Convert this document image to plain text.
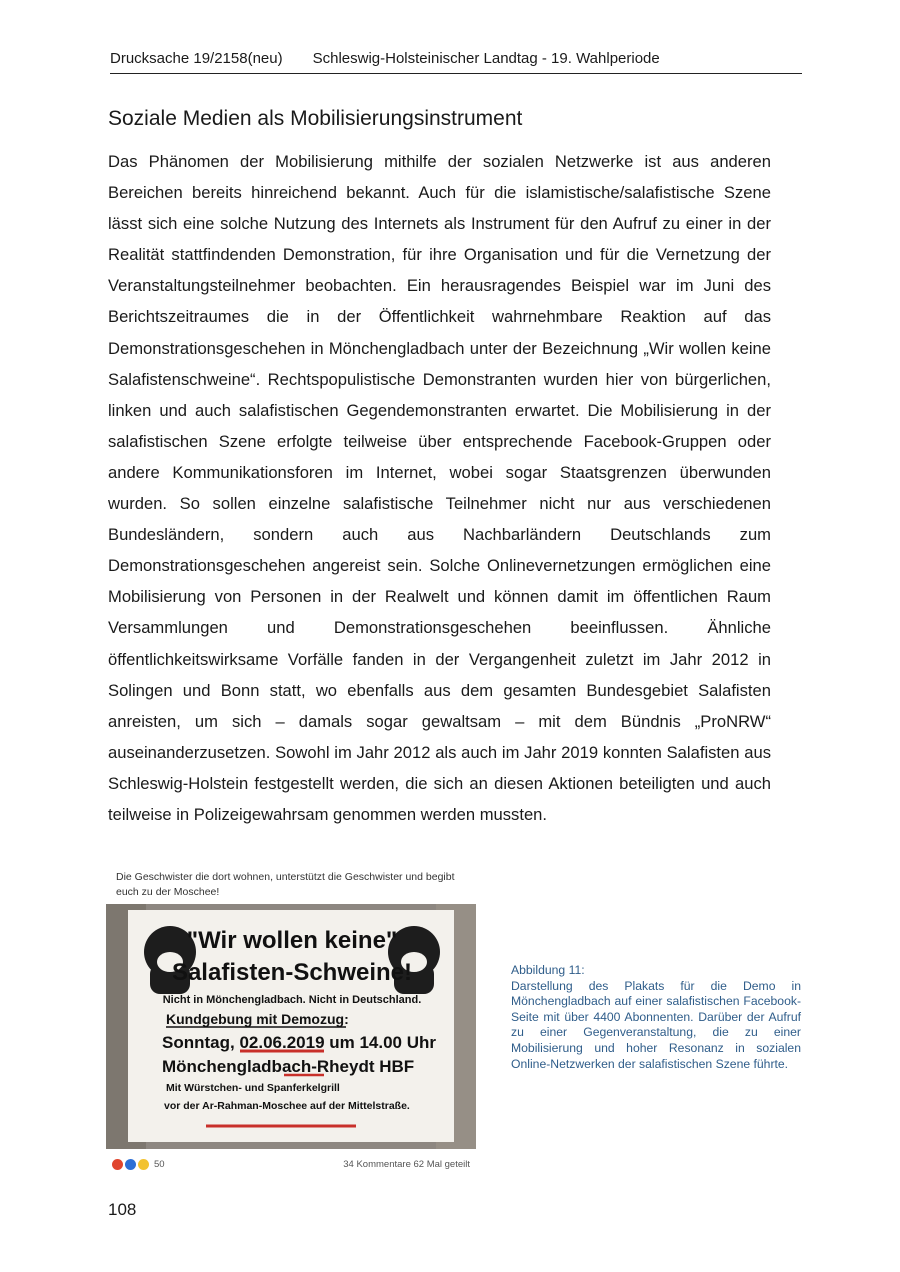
Drucksache 19/2158(neu) Schleswig-Holsteinischer Landtag - 19. Wahlperiode
Soziale Medien als Mobilisierungsinstrument

Das Phänomen der Mobilisierung mithilfe der sozialen Netzwerke ist aus anderen Bereichen bereits hinreichend bekannt. Auch für die islamistische/salafistische Szene lässt sich eine solche Nutzung des Internets als Instrument für den Aufruf zu einer in der Realität stattfindenden Demonstration, für ihre Organisation und für die Vernetzung der Veranstaltungsteilnehmer beobachten. Ein herausragendes Beispiel war im Juni des Berichtszeitraumes die in der Öffentlichkeit wahrnehmbare Reaktion auf das Demonstrationsgeschehen in Mönchengladbach unter der Bezeichnung „Wir wollen keine Salafistenschweine“. Rechtspopulistische Demonstranten wurden hier von bürgerlichen, linken und auch salafistischen Gegendemonstranten erwartet. Die Mobilisierung in der salafistischen Szene erfolgte teilweise über entsprechende Facebook-Gruppen oder andere Kommunikationsforen im Internet, wobei sogar Staatsgrenzen überwunden wurden. So sollen einzelne salafistische Teilnehmer nicht nur aus verschiedenen Bundesländern, sondern auch aus Nachbarländern Deutschlands zum Demonstrationsgeschehen angereist sein. Solche Onlinevernetzungen ermöglichen eine Mobilisierung von Personen in der Realwelt und können damit im öffentlichen Raum Versammlungen und Demonstrationsgeschehen beeinflussen. Ähnliche öffentlichkeitswirksame Vorfälle fanden in der Vergangenheit zuletzt im Jahr 2012 in Solingen und Bonn statt, wo ebenfalls aus dem gesamten Bundesgebiet Salafisten anreisten, um sich – damals sogar gewaltsam – mit dem Bündnis „ProNRW“ auseinanderzusetzen. Sowohl im Jahr 2012 als auch im Jahr 2019 konnten Salafisten aus Schleswig-Holstein festgestellt werden, die sich an diesen Aktionen beteiligten und auch teilweise in Polizeigewahrsam genommen werden mussten.

Die Geschwister die dort wohnen, unterstützt die Geschwister und begibt euch zu der Moschee!
"Wir wollen keine"
Salafisten-Schweine!
Nicht in Mönchengladbach. Nicht in Deutschland.
Kundgebung mit Demozug:
Sonntag, 02.06.2019 um 14.00 Uhr
Mönchengladbach-Rheydt HBF
Mit Würstchen- und Spanferkelgrill
vor der Ar-Rahman-Moschee auf der Mittelstraße.
50	34 Kommentare 62 Mal geteilt
Abbildung 11:
Darstellung des Plakats für die Demo in Mönchengladbach auf einer salafistischen Facebook-Seite mit über 4400 Abonnenten. Darüber der Aufruf zu einer Gegenveranstaltung, die zu einer Mobilisierung und hoher Resonanz in sozialen Online-Netzwerken der salafistischen Szene führte.
108
